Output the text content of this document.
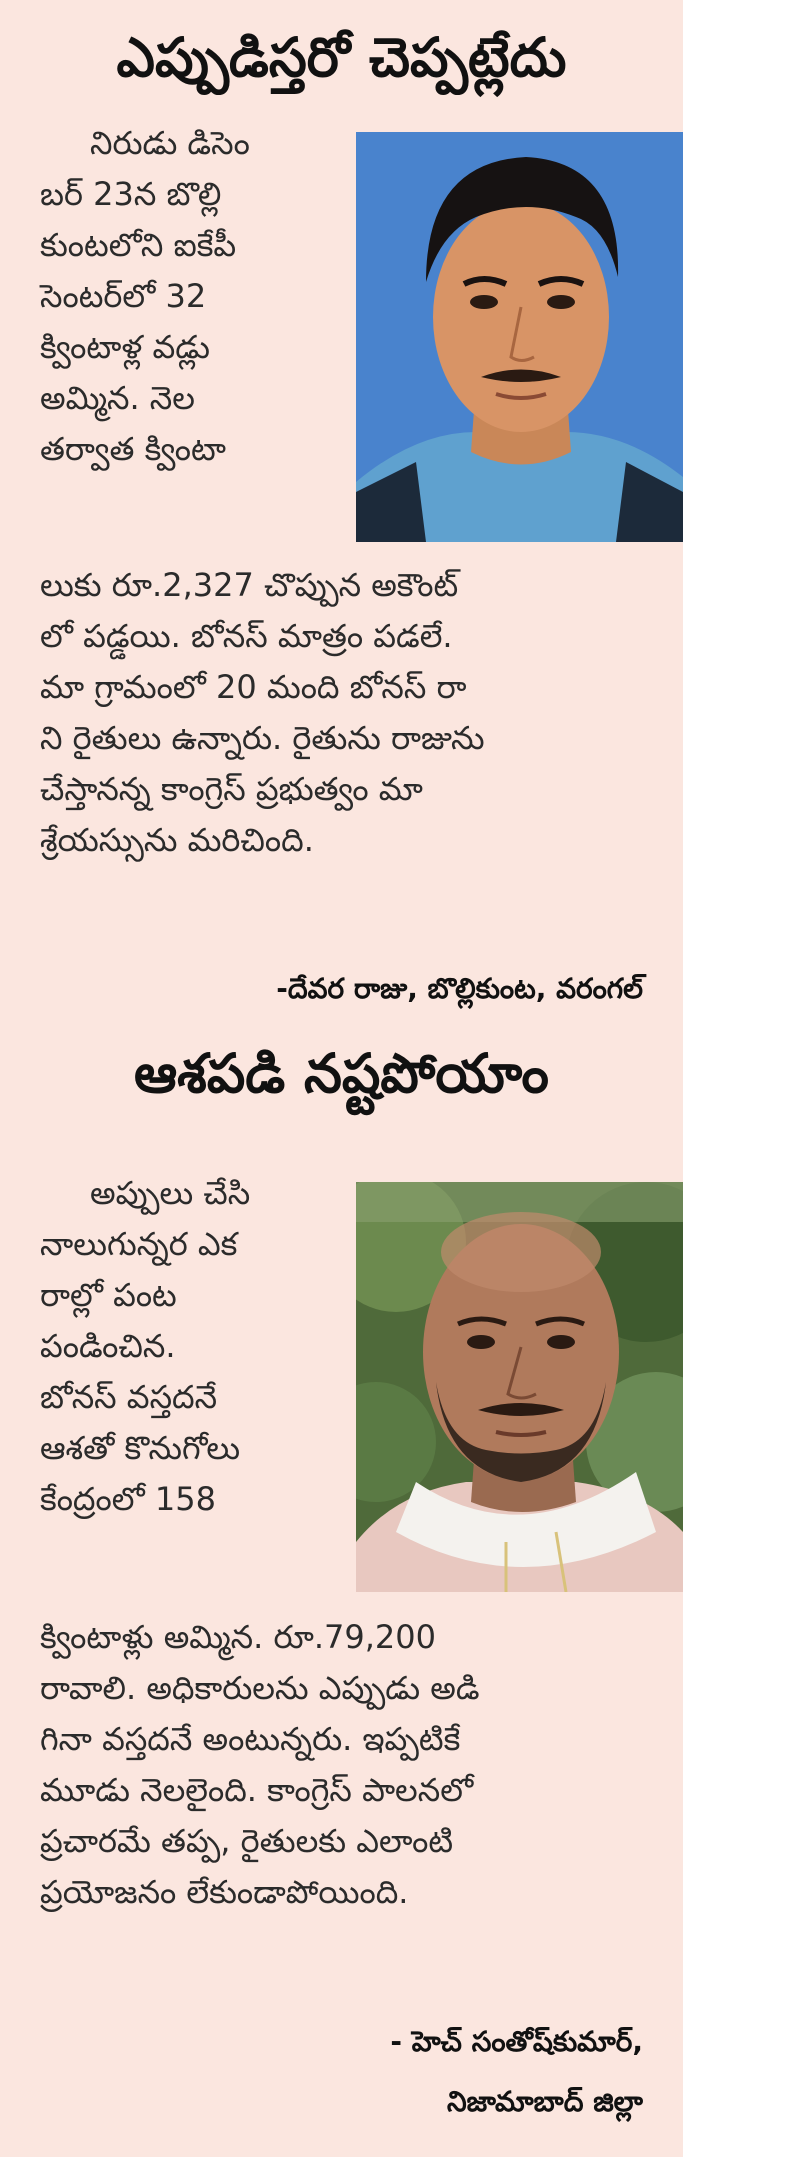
ఎప్పుడిస్తరో చెప్పట్లేదు
నిరుడు డిసెం
బర్ 23న బొల్లి
కుంటలోని ఐకేపీ
సెంటర్‌లో 32
క్వింటాళ్ల వడ్లు
అమ్మిన. నెల
తర్వాత క్వింటా
లుకు రూ.2,327 చొప్పున అకౌంట్
లో పడ్డయి. బోనస్ మాత్రం పడలే.
మా గ్రామంలో 20 మంది బోనస్ రా
ని రైతులు ఉన్నారు. రైతును రాజును
చేస్తానన్న కాంగ్రెస్ ప్రభుత్వం మా
శ్రేయస్సును మరిచింది.
-దేవర రాజు, బొల్లికుంట, వరంగల్
ఆశపడి నష్టపోయాం
అప్పులు చేసి
నాలుగున్నర ఎక
రాల్లో పంట
పండించిన.
బోనస్ వస్తదనే
ఆశతో కొనుగోలు
కేంద్రంలో 158
క్వింటాళ్లు అమ్మిన. రూ.79,200
రావాలి. అధికారులను ఎప్పుడు అడి
గినా వస్తదనే అంటున్నరు. ఇప్పటికే
మూడు నెలలైంది. కాంగ్రెస్ పాలనలో
ప్రచారమే తప్ప, రైతులకు ఎలాంటి
ప్రయోజనం లేకుండాపోయింది.
- హెచ్ సంతోష్‌కుమార్,
నిజామాబాద్ జిల్లా
